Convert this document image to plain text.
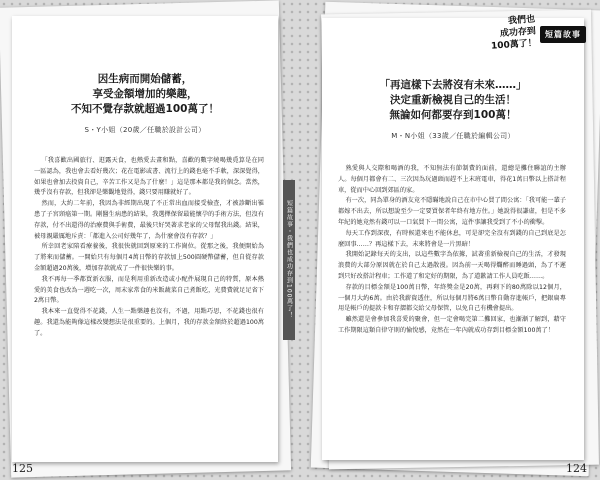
短篇故事・我們也成功存到100萬了！

因生病而開始儲蓄，

享受金額增加的樂趣，

不知不覺存款就超過100萬了！

S・Y小姐（20歲／任職於設計公司）

「我喜歡出國旅行、逛露天食，也熱愛去畫和點，喜歡的數字燒喝幾覓算是在同一區認為，我也會去看好幾次；花在電影或書、流行上的錢也毫不手軟，深深覺得，如果也會加去投資自己，辛苦工作又是為了什麼！」這是那本都是我的個念。當然，幾乎沒有存款，但我卻是樂觀地覺得，錢只要用賺就好了。

然而，大約二年前，我因為非經期出現了不正常出血而接受檢查，才被診斷出罹患了子宮頸癌第一期。剛醫生病患的結果，我選擇保留最能懷孕的手術方法，但沒有存款，付不出還得的治療費與手術費，最後只好哭著求老家的父母幫我出錢。結果，被母親嚴厲地斥責：「都進入公司好幾年了，為什麼會沒有存款？」

所幸回老家陪看療養後，我很快就回到原來的工作崗位。從那之後，我便開始為了將來而儲蓄。一開始只有每個月4萬日幣的存款加上500圓硬幣儲蓄，但自從存款金額超過20萬後，增加存款就成了一件很快樂的事。

我不再每一季都買新衣服，而是利用重新改造或小配件展現自己的特質，原本熱愛的美食也改為一週吃一次，周末家常食的米飯蔬菜自己煮飯吃，光費費就足足省下2萬日幣。

我本來一直覺得不花錢，人生一點樂趣也沒有，不過，用點巧思，不花錢也很有趣。我還為能夠像這樣改變想法是很重要的。上個月，我的存款金額終於超過100萬了。

125

「再這樣下去將沒有未來……」

決定重新檢視自己的生活！

無論如何都要存到100萬！

M・N小姐（33歲／任職於編輯公司）

熟愛與人交際和喝酒的我，不知無法有節制費的面前，還總是攤住聯誼的主辦人。每個月都會有二、三次因為玩過頭而趕不上末班電車，得花1萬日幣以上搭計程車，從而中心回到郊區的家。

有一次，同為單身的酒友竟不隱瞞地說自己在市中心買了間公寓：「我可能一輩子都嫁不出去，所以想說至少一定要買保者年終有地方住。」她說得很謙虛，但是不多年紀的她竟然有錢可以一口氣買下一間公寓，這件事讓我受到了不小的衝擊。

每天工作到深夜，有時候還來也不能休息，可是卻完全沒有到錢的自己到底是怎麼回事……？再這樣下去，未來將會是一片黑暗！

我開始記錄每天的支出，以這些數字為依據，試著重新檢視自己的生活，才發現浪費的大部分原因就在於自己太過散漫。因為前一天喝得爛醉而睡過頭，為了不遲到只好改搭計程車；工作道了和定好的期限，為了道歉請工作人員吃飯……。

存款的目標金額是100萬日幣，年終獎金是20萬，再剩下的80萬除以12個月，一個月大約6萬。由於我薪資透住，所以每個月將6萬日幣自動存進帳戶，把銀扁專用是帳戶的提款卡和存摺都交給父母保管，以免自己有機會提出。

雖然還是會參加我喜愛的聚會，但一定會喝完第二攤回家，也漸漸了解到，藉守工作期限這類自律守則的愉悅感，竟然在一年內就成功存到目標金額100萬了！

我們也
成功存到
100萬了！
短篇故事
124
